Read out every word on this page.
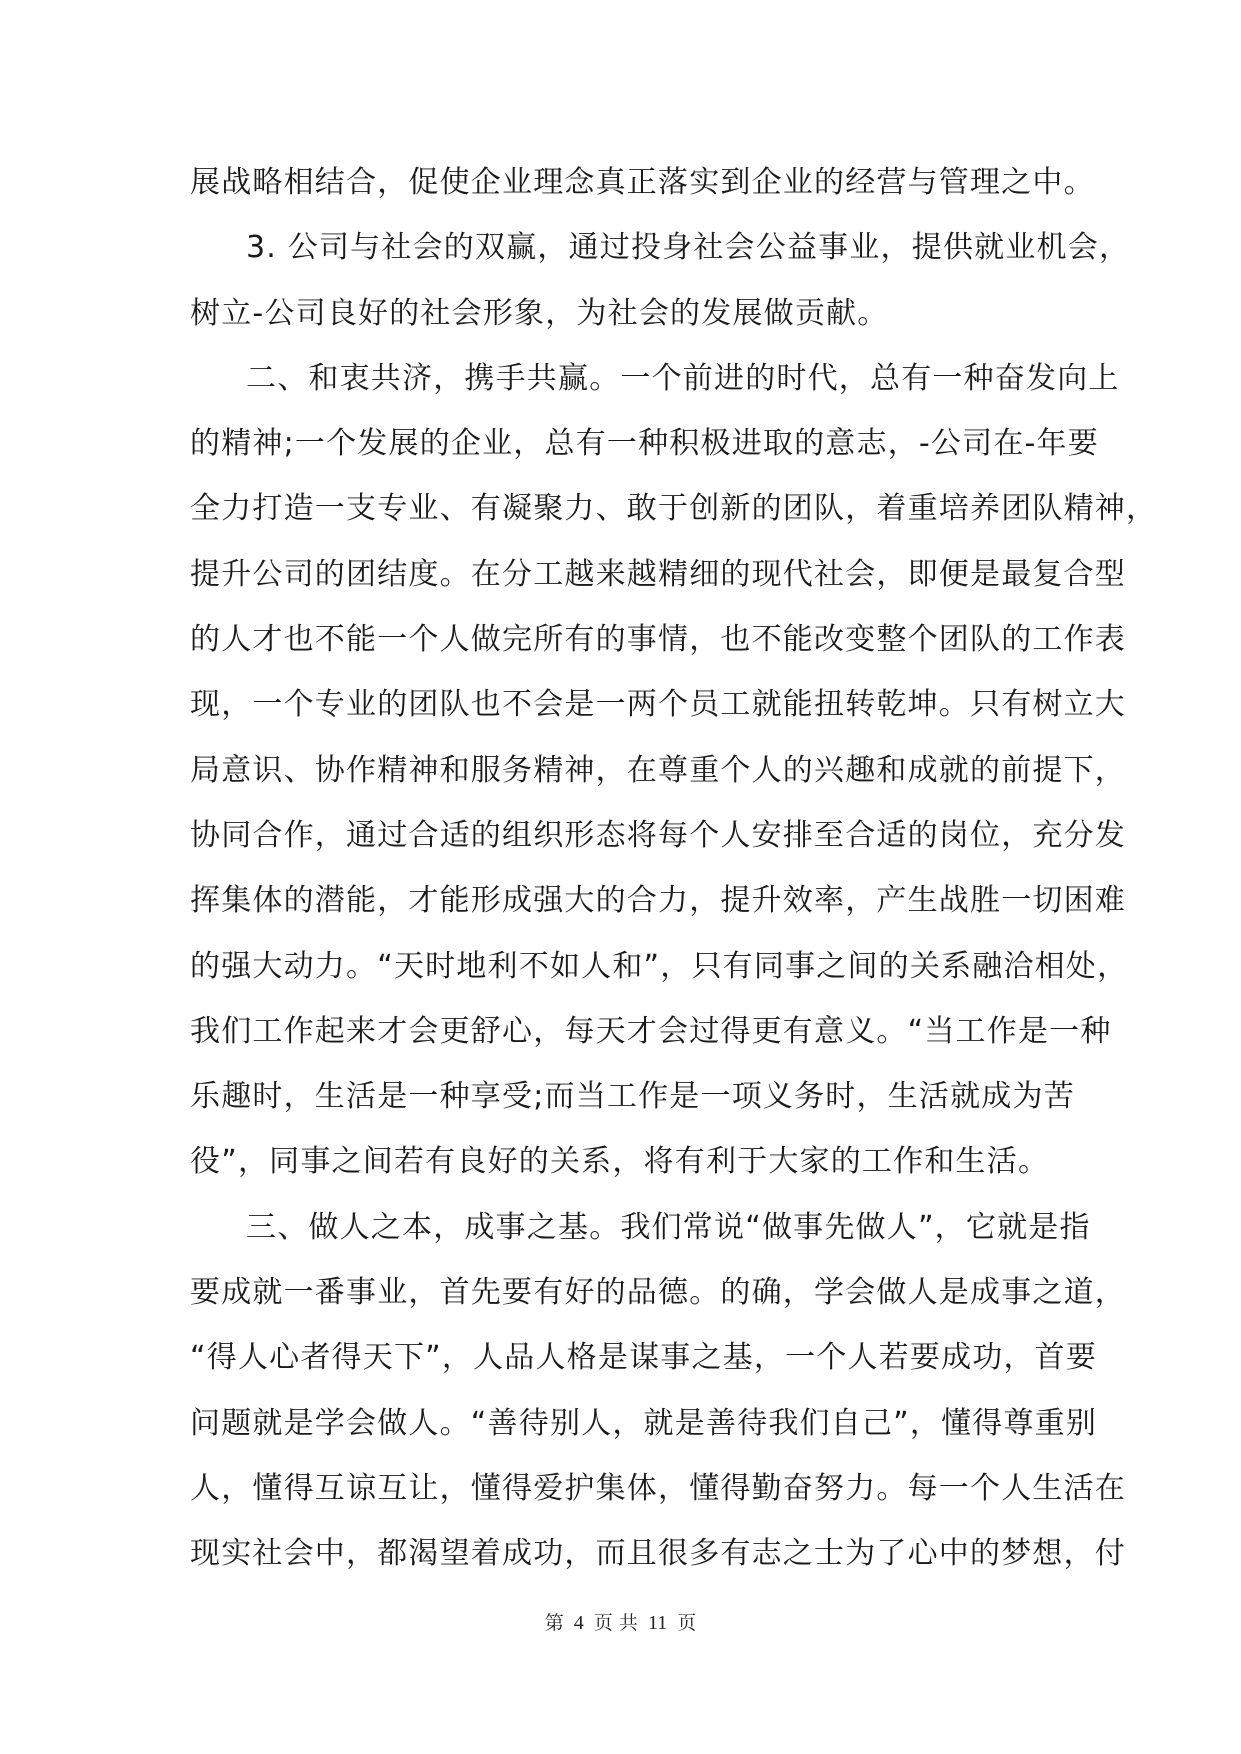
展战略相结合，促使企业理念真正落实到企业的经营与管理之中。
3. 公司与社会的双赢，通过投身社会公益事业，提供就业机会，
树立-公司良好的社会形象，为社会的发展做贡献。
二、和衷共济，携手共赢。一个前进的时代，总有一种奋发向上
的精神;一个发展的企业，总有一种积极进取的意志，-公司在-年要
全力打造一支专业、有凝聚力、敢于创新的团队，着重培养团队精神，
提升公司的团结度。在分工越来越精细的现代社会，即便是最复合型
的人才也不能一个人做完所有的事情，也不能改变整个团队的工作表
现，一个专业的团队也不会是一两个员工就能扭转乾坤。只有树立大
局意识、协作精神和服务精神，在尊重个人的兴趣和成就的前提下，
协同合作，通过合适的组织形态将每个人安排至合适的岗位，充分发
挥集体的潜能，才能形成强大的合力，提升效率，产生战胜一切困难
的强大动力。“天时地利不如人和”，只有同事之间的关系融洽相处，
我们工作起来才会更舒心，每天才会过得更有意义。“当工作是一种
乐趣时，生活是一种享受;而当工作是一项义务时，生活就成为苦
役”，同事之间若有良好的关系，将有利于大家的工作和生活。
三、做人之本，成事之基。我们常说“做事先做人”，它就是指
要成就一番事业，首先要有好的品德。的确，学会做人是成事之道，
“得人心者得天下”，人品人格是谋事之基，一个人若要成功，首要
问题就是学会做人。“善待别人，就是善待我们自己”，懂得尊重别
人，懂得互谅互让，懂得爱护集体，懂得勤奋努力。每一个人生活在
现实社会中，都渴望着成功，而且很多有志之士为了心中的梦想，付
第 4 页 共 11 页
